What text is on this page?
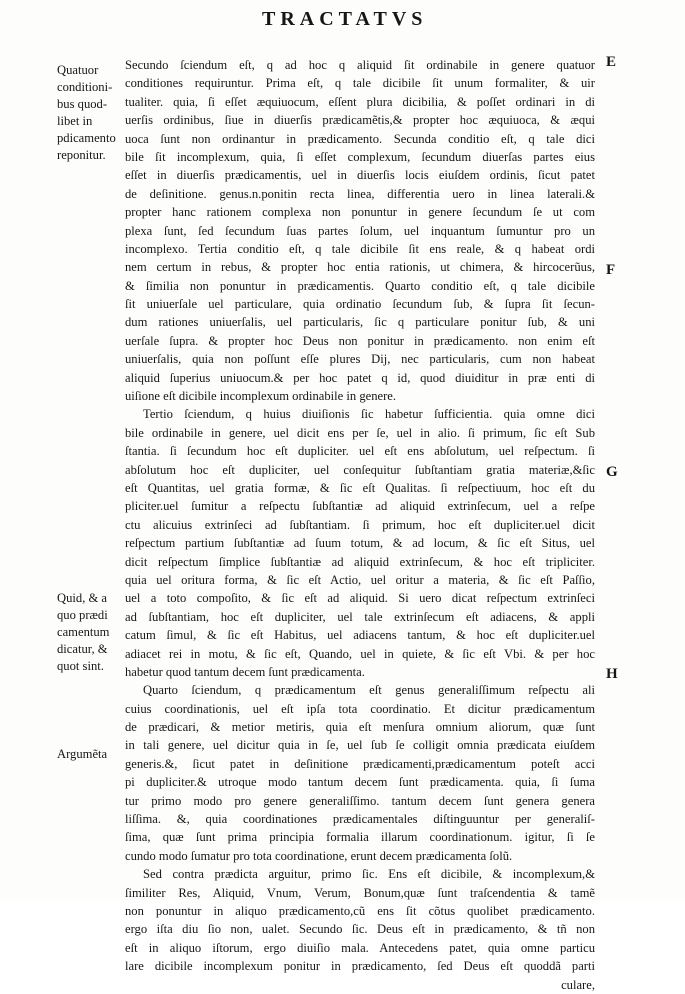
TRACTATVS
Quatuor
conditioni-
bus quod-
libet in
pdicamento
reponitur.
Quid, & a
quo prædi
camentum
dicatur, &
quot sint.
Argumẽta
E
F
G
H
Secundo ſciendum eſt, q ad hoc q aliquid ſit ordinabile in genere quatuor
conditiones requiruntur. Prima eſt, q tale dicibile ſit unum formaliter, & uir
tualiter. quia, ſi eſſet æquiuocum, eſſent plura dicibilia, & poſſet ordinari in di
uerſis ordinibus, ſiue in diuerſis prædicamẽtis,& propter hoc æquiuoca, & æqui
uoca ſunt non ordinantur in prædicamento. Secunda conditio eſt, q tale dici
bile ſit incomplexum, quia, ſi eſſet complexum, ſecundum diuerſas partes eius
eſſet in diuerſis prædicamentis, uel in diuerſis locis eiuſdem ordinis, ſicut patet
de deſinitione. genus.n.ponitin recta linea, differentia uero in linea laterali.&
propter hanc rationem complexa non ponuntur in genere ſecundum ſe ut com
plexa ſunt, ſed ſecundum ſuas partes ſolum, uel inquantum ſumuntur pro un
incomplexo. Tertia conditio eſt, q tale dicibile ſit ens reale, & q habeat ordi
nem certum in rebus, & propter hoc entia rationis, ut chimera, & hircocerũus,
& ſimilia non ponuntur in prædicamentis. Quarto conditio eſt, q tale dicibile
ſit uniuerſale uel particulare, quia ordinatio ſecundum ſub, & ſupra ſit ſecun-
dum rationes uniuerſalis, uel particularis, ſic q particulare ponitur ſub, & uni
uerſale ſupra. & propter hoc Deus non ponitur in prædicamento. non enim eſt
uniuerſalis, quia non poſſunt eſſe plures Dij, nec particularis, cum non habeat
aliquid ſuperius uniuocum.& per hoc patet q id, quod diuiditur in præ enti di
uiſione eſt dicibile incomplexum ordinabile in genere.
Tertio ſciendum, q huius diuiſionis ſic habetur ſufficientia. quia omne dici
bile ordinabile in genere, uel dicit ens per ſe, uel in alio. ſi primum, ſic eſt Sub
ſtantia. ſi ſecundum hoc eſt dupliciter. uel eſt ens abſolutum, uel reſpectum. ſi
abſolutum hoc eſt dupliciter, uel conſequitur ſubſtantiam gratia materiæ,&ſic
eſt Quantitas, uel gratia formæ, & ſic eſt Qualitas. ſi reſpectiuum, hoc eſt du
pliciter.uel ſumitur a reſpectu ſubſtantiæ ad aliquid extrinſecum, uel a reſpe
ctu alicuius extrinſeci ad ſubſtantiam. ſi primum, hoc eſt dupliciter.uel dicit
reſpectum partium ſubſtantiæ ad ſuum totum, & ad locum, & ſic eſt Situs, uel
dicit reſpectum ſimplice ſubſtantiæ ad aliquid extrinſecum, & hoc eſt tripliciter.
quia uel oritura forma, & ſic eſt Actio, uel oritur a materia, & ſic eſt Paſſio,
uel a toto compoſito, & ſic eſt ad aliquid. Si uero dicat reſpectum extrinſeci
ad ſubſtantiam, hoc eſt dupliciter, uel tale extrinſecum eſt adiacens, & appli
catum ſimul, & ſic eſt Habitus, uel adiacens tantum, & hoc eſt dupliciter.uel
adiacet rei in motu, & ſic eſt, Quando, uel in quiete, & ſic eſt Vbi. & per hoc
habetur quod tantum decem ſunt prædicamenta.
Quarto ſciendum, q prædicamentum eſt genus generaliſſimum reſpectu ali
cuius coordinationis, uel eſt ipſa tota coordinatio. Et dicitur prædicamentum
de prædicari, & metior metiris, quia eſt menſura omnium aliorum, quæ ſunt
in tali genere, uel dicitur quia in ſe, uel ſub ſe colligit omnia prædicata eiuſdem
generis.&, ſicut patet in deſinitione prædicamenti,prædicamentum poteſt acci
pi dupliciter.& utroque modo tantum decem ſunt prædicamenta. quia, ſi ſuma
tur primo modo pro genere generaliſſimo. tantum decem ſunt genera genera
liſſima. &, quia coordinationes prædicamentales diſtinguuntur per generaliſ-
ſima, quæ ſunt prima principia formalia illarum coordinationum. igitur, ſi ſe
cundo modo ſumatur pro tota coordinatione, erunt decem prædicamenta ſolũ.
Sed contra prædicta arguitur, primo ſic. Ens eſt dicibile, & incomplexum,&
ſimiliter Res, Aliquid, Vnum, Verum, Bonum,quæ ſunt traſcendentia & tamẽ
non ponuntur in aliquo prædicamento,cũ ens ſit cõtus quolibet prædicamento.
ergo iſta diu ſio non, ualet. Secundo ſic. Deus eſt in prædicamento, & tñ non
eſt in aliquo iſtorum, ergo diuiſio mala. Antecedens patet, quia omne particu
lare dicibile incomplexum ponitur in prædicamento, ſed Deus eſt quoddã parti
culare,
